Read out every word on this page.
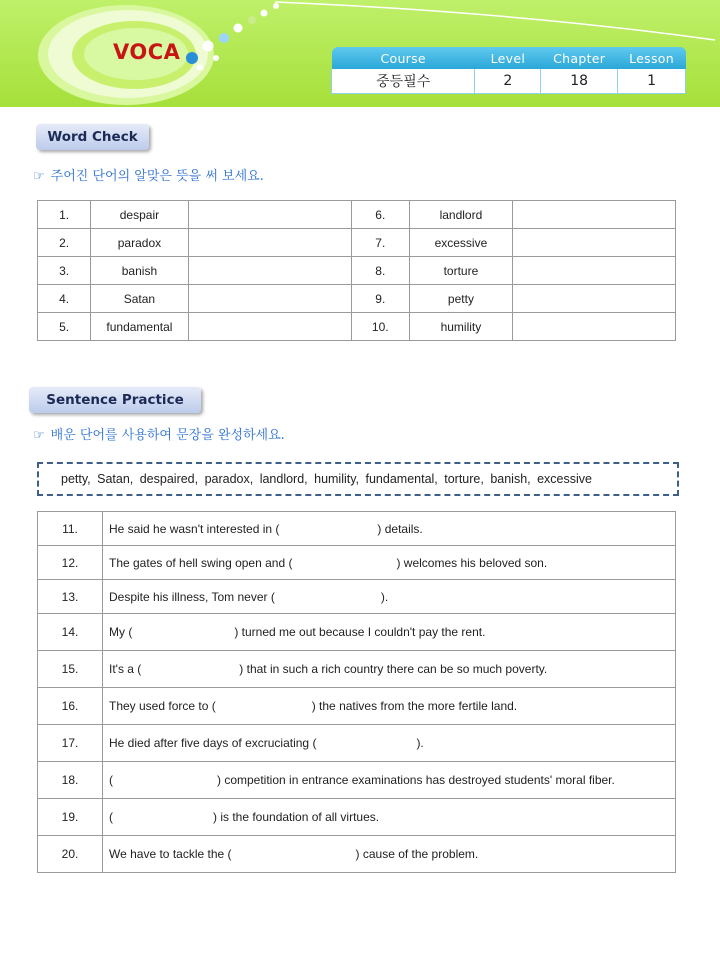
VOCA	Course	Level	Chapter	Lesson
중등필수	2	18	1
Word Check
☞ 주어진 단어의 알맞은 뜻을 써 보세요.
1.	despair		6.	landlord	
2.	paradox		7.	excessive	
3.	banish		8.	torture	
4.	Satan		9.	petty	
5.	fundamental		10.	humility	
Sentence Practice
☞ 배운 단어를 사용하여 문장을 완성하세요.
petty, Satan, despaired, paradox, landlord, humility, fundamental, torture, banish, excessive
11.	He said he wasn't interested in ( ) details.
12.	The gates of hell swing open and ( ) welcomes his beloved son.
13.	Despite his illness, Tom never ( ).
14.	My ( ) turned me out because I couldn't pay the rent.
15.	It's a ( ) that in such a rich country there can be so much poverty.
16.	They used force to ( ) the natives from the more fertile land.
17.	He died after five days of excruciating ( ).
18.	( ) competition in entrance examinations has destroyed students' moral fiber.
19.	( ) is the foundation of all virtues.
20.	We have to tackle the ( ) cause of the problem.
